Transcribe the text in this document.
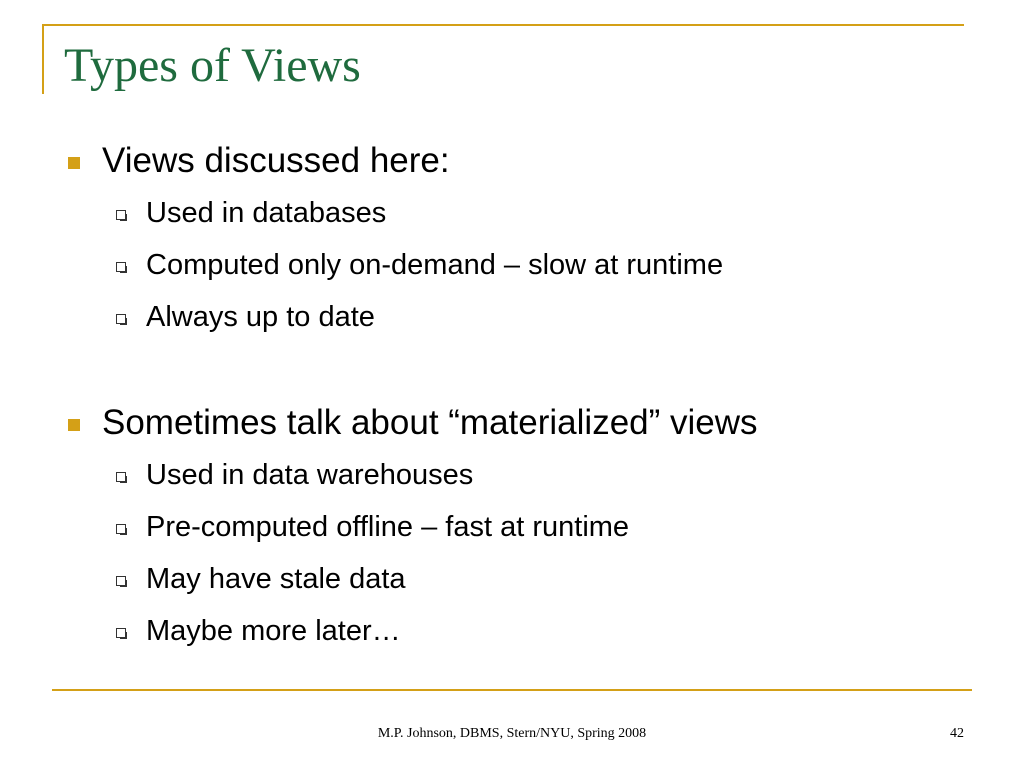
Types of Views
Views discussed here:
Used in databases
Computed only on-demand – slow at runtime
Always up to date
Sometimes talk about “materialized” views
Used in data warehouses
Pre-computed offline – fast at runtime
May have stale data
Maybe more later…
M.P. Johnson, DBMS, Stern/NYU, Spring 2008	42
